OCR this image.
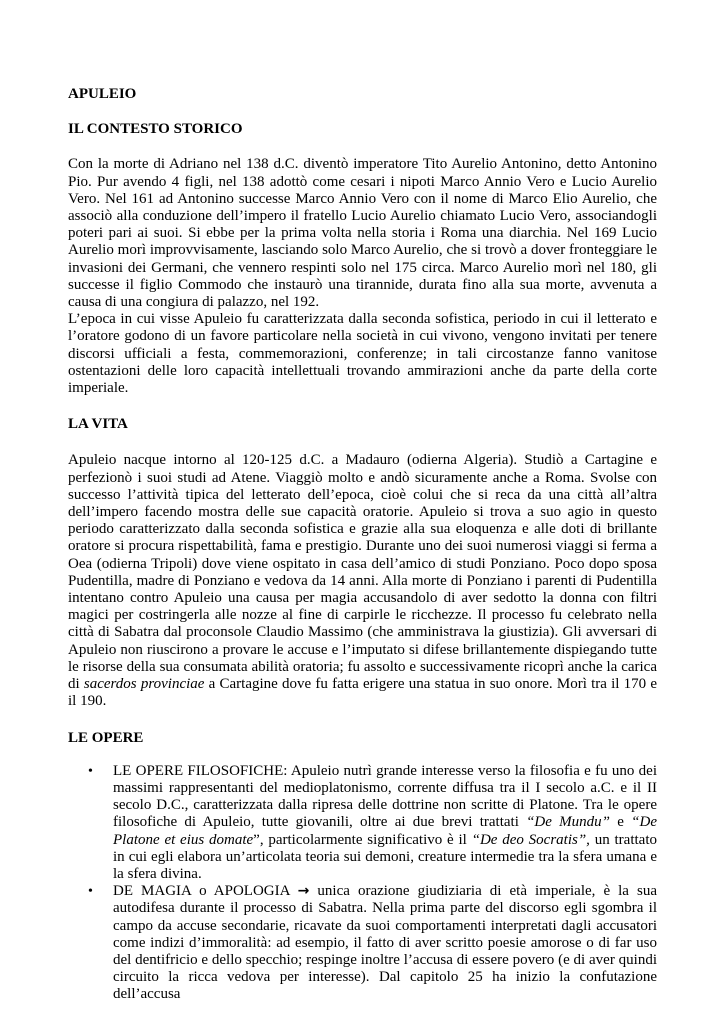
APULEIO
IL CONTESTO STORICO

Con la morte di Adriano nel 138 d.C. diventò imperatore Tito Aurelio Antonino, detto Antonino Pio. Pur avendo 4 figli, nel 138 adottò come cesari i nipoti Marco Annio Vero e Lucio Aurelio Vero. Nel 161 ad Antonino successe Marco Annio Vero con il nome di Marco Elio Aurelio, che associò alla conduzione dell’impero il fratello Lucio Aurelio chiamato Lucio Vero, associandogli poteri pari ai suoi. Si ebbe per la prima volta nella storia i Roma una diarchia. Nel 169 Lucio Aurelio morì improvvisamente, lasciando solo Marco Aurelio, che si trovò a dover fronteggiare le invasioni dei Germani, che vennero respinti solo nel 175 circa. Marco Aurelio morì nel 180, gli successe il figlio Commodo che instaurò una tirannide, durata fino alla sua morte, avvenuta a causa di una congiura di palazzo, nel 192.

L’epoca in cui visse Apuleio fu caratterizzata dalla seconda sofistica, periodo in cui il letterato e l’oratore godono di un favore particolare nella società in cui vivono, vengono invitati per tenere discorsi ufficiali a festa, commemorazioni, conferenze; in tali circostanze fanno vanitose ostentazioni delle loro capacità intellettuali trovando ammirazioni anche da parte della corte imperiale.

LA VITA

Apuleio nacque intorno al 120-125 d.C. a Madauro (odierna Algeria). Studiò a Cartagine e perfezionò i suoi studi ad Atene. Viaggiò molto e andò sicuramente anche a Roma. Svolse con successo l’attività tipica del letterato dell’epoca, cioè colui che si reca da una città all’altra dell’impero facendo mostra delle sue capacità oratorie. Apuleio si trova a suo agio in questo periodo caratterizzato dalla seconda sofistica e grazie alla sua eloquenza e alle doti di brillante oratore si procura rispettabilità, fama e prestigio. Durante uno dei suoi numerosi viaggi si ferma a Oea (odierna Tripoli) dove viene ospitato in casa dell’amico di studi Ponziano. Poco dopo sposa Pudentilla, madre di Ponziano e vedova da 14 anni. Alla morte di Ponziano i parenti di Pudentilla intentano contro Apuleio una causa per magia accusandolo di aver sedotto la donna con filtri magici per costringerla alle nozze al fine di carpirle le ricchezze. Il processo fu celebrato nella città di Sabatra dal proconsole Claudio Massimo (che amministrava la giustizia). Gli avversari di Apuleio non riuscirono a provare le accuse e l’imputato si difese brillantemente dispiegando tutte le risorse della sua consumata abilità oratoria; fu assolto e successivamente ricoprì anche la carica di sacerdos provinciae a Cartagine dove fu fatta erigere una statua in suo onore. Morì tra il 170 e il 190.

LE OPERE
• LE OPERE FILOSOFICHE: Apuleio nutrì grande interesse verso la filosofia e fu uno dei massimi rappresentanti del medioplatonismo, corrente diffusa tra il I secolo a.C. e il II secolo D.C., caratterizzata dalla ripresa delle dottrine non scritte di Platone. Tra le opere filosofiche di Apuleio, tutte giovanili, oltre ai due brevi trattati “De Mundu” e “De Platone et eius domate”, particolarmente significativo è il “De deo Socratis”, un trattato in cui egli elabora un’articolata teoria sui demoni, creature intermedie tra la sfera umana e la sfera divina.
• DE MAGIA o APOLOGIA → unica orazione giudiziaria di età imperiale, è la sua autodifesa durante il processo di Sabatra. Nella prima parte del discorso egli sgombra il campo da accuse secondarie, ricavate da suoi comportamenti interpretati dagli accusatori come indizi d’immoralità: ad esempio, il fatto di aver scritto poesie amorose o di far uso del dentifricio e dello specchio; respinge inoltre l’accusa di essere povero (e di aver quindi circuito la ricca vedova per interesse). Dal capitolo 25 ha inizio la confutazione dell’accusa
